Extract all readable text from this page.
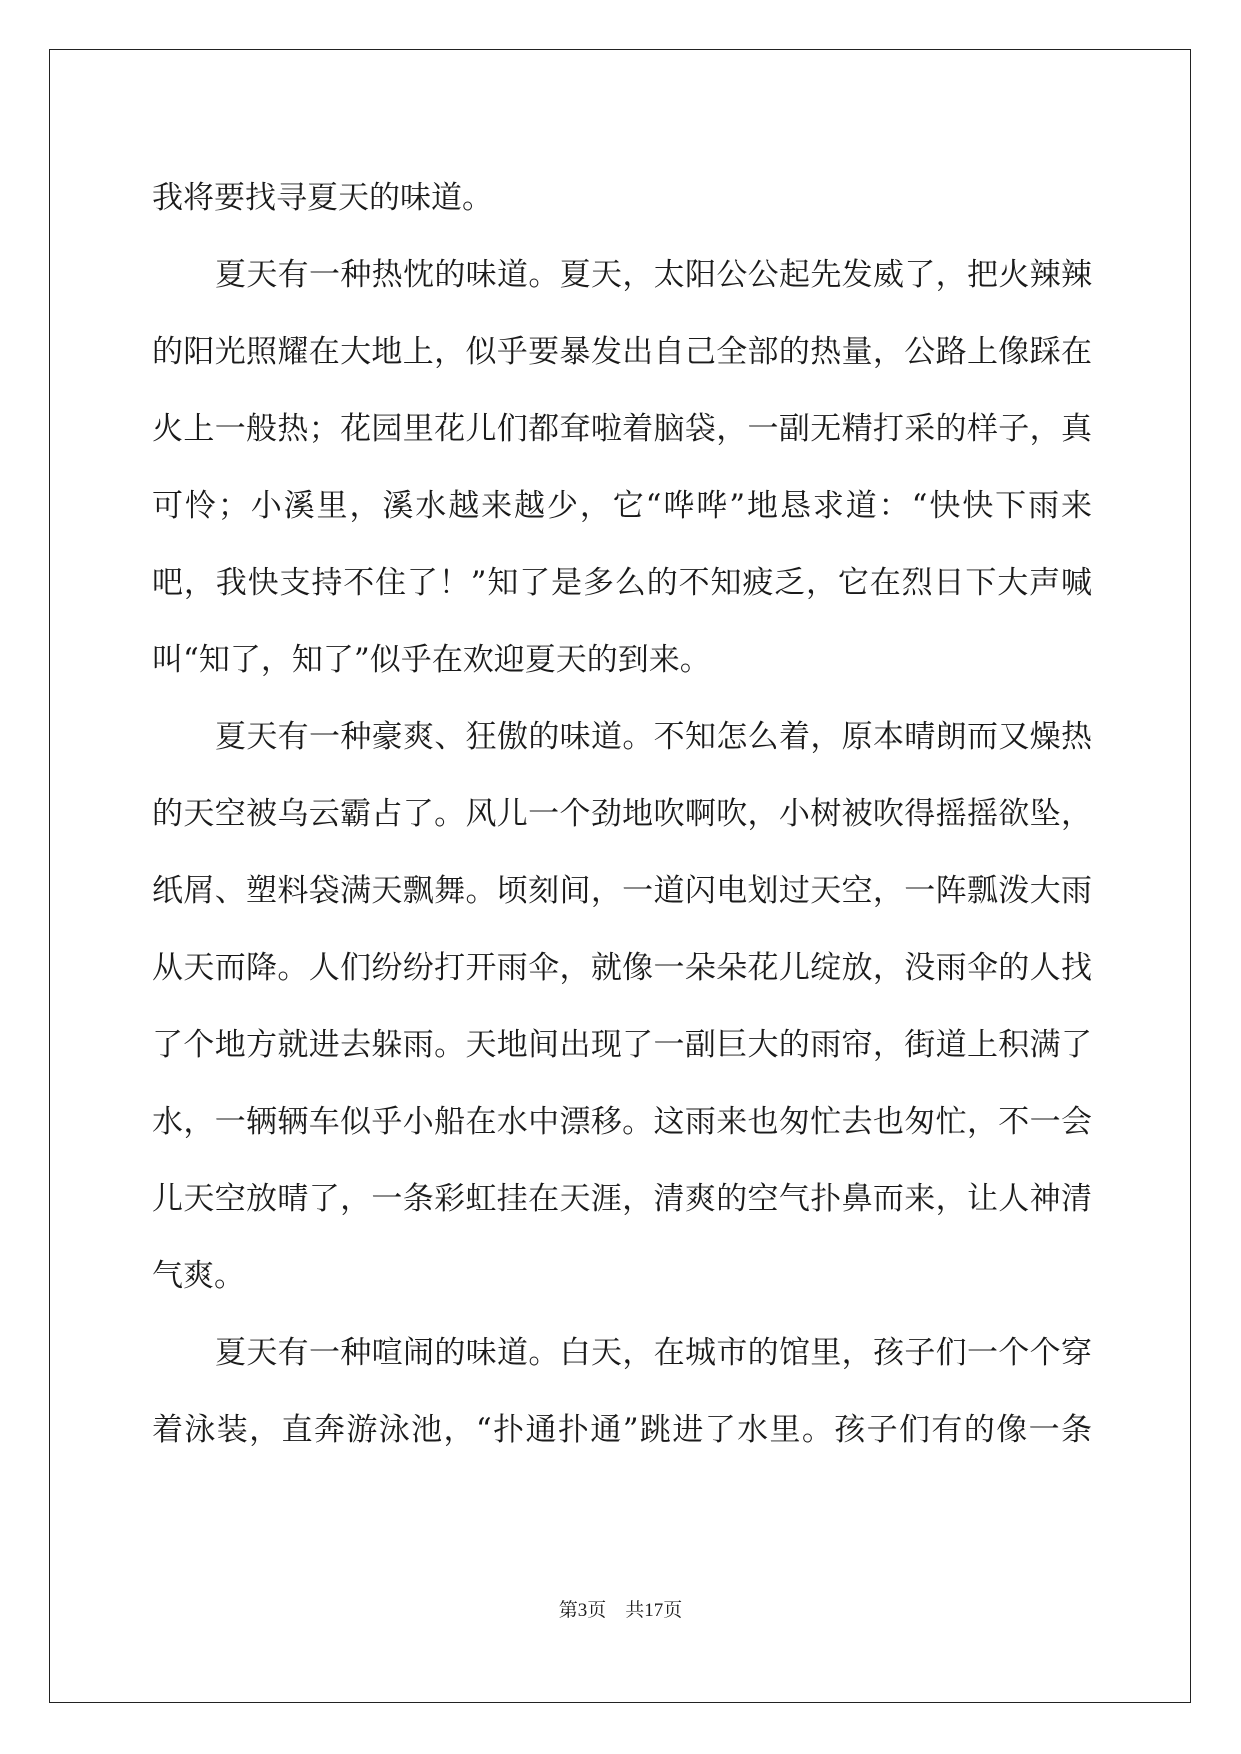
我将要找寻夏天的味道。
夏天有一种热忱的味道。夏天，太阳公公起先发威了，把火辣辣
的阳光照耀在大地上，似乎要暴发出自己全部的热量，公路上像踩在
火上一般热；花园里花儿们都耷啦着脑袋，一副无精打采的样子，真
可怜；小溪里，溪水越来越少，它“哗哗”地恳求道：“快快下雨来
吧，我快支持不住了！”知了是多么的不知疲乏，它在烈日下大声喊
叫“知了，知了”似乎在欢迎夏天的到来。
夏天有一种豪爽、狂傲的味道。不知怎么着，原本晴朗而又燥热
的天空被乌云霸占了。风儿一个劲地吹啊吹，小树被吹得摇摇欲坠，
纸屑、塑料袋满天飘舞。顷刻间，一道闪电划过天空，一阵瓢泼大雨
从天而降。人们纷纷打开雨伞，就像一朵朵花儿绽放，没雨伞的人找
了个地方就进去躲雨。天地间出现了一副巨大的雨帘，街道上积满了
水，一辆辆车似乎小船在水中漂移。这雨来也匆忙去也匆忙，不一会
儿天空放晴了，一条彩虹挂在天涯，清爽的空气扑鼻而来，让人神清
气爽。
夏天有一种喧闹的味道。白天，在城市的馆里，孩子们一个个穿
着泳装，直奔游泳池，“扑通扑通”跳进了水里。孩子们有的像一条
第3页　共17页
